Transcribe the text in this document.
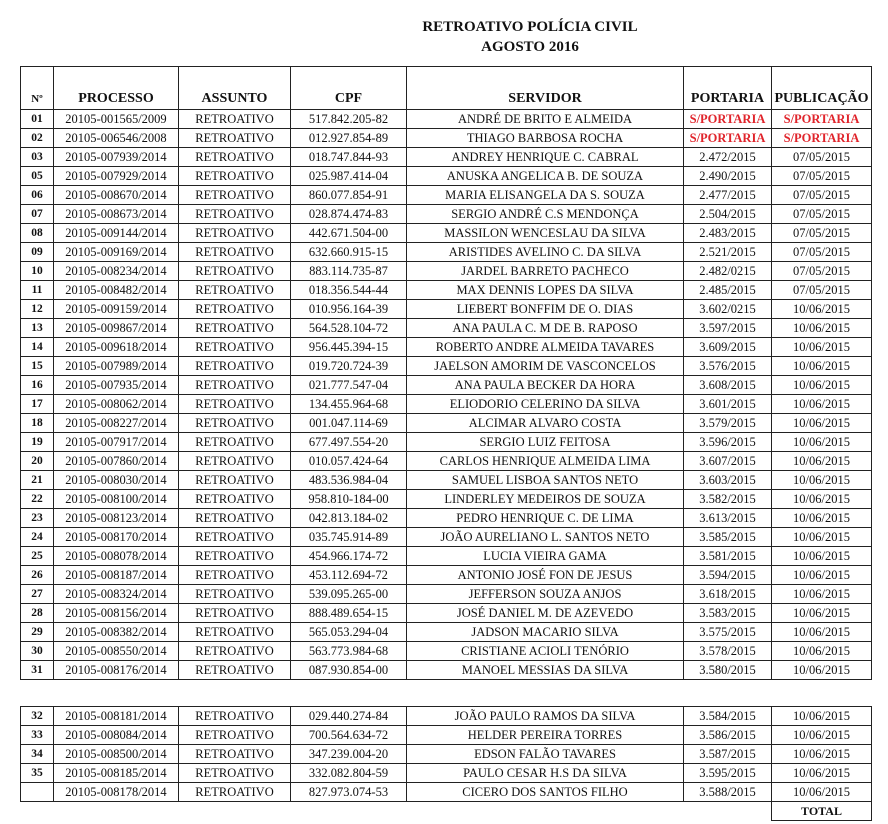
RETROATIVO POLÍCIA CIVIL
AGOSTO 2016
Nº	PROCESSO	ASSUNTO	CPF	SERVIDOR	PORTARIA	PUBLICAÇÃO
01	20105-001565/2009	RETROATIVO	517.842.205-82	ANDRÉ DE BRITO E ALMEIDA	S/PORTARIA	S/PORTARIA
02	20105-006546/2008	RETROATIVO	012.927.854-89	THIAGO BARBOSA ROCHA	S/PORTARIA	S/PORTARIA
03	20105-007939/2014	RETROATIVO	018.747.844-93	ANDREY HENRIQUE C. CABRAL	2.472/2015	07/05/2015
05	20105-007929/2014	RETROATIVO	025.987.414-04	ANUSKA ANGELICA B. DE SOUZA	2.490/2015	07/05/2015
06	20105-008670/2014	RETROATIVO	860.077.854-91	MARIA ELISANGELA DA S. SOUZA	2.477/2015	07/05/2015
07	20105-008673/2014	RETROATIVO	028.874.474-83	SERGIO ANDRÉ C.S MENDONÇA	2.504/2015	07/05/2015
08	20105-009144/2014	RETROATIVO	442.671.504-00	MASSILON WENCESLAU DA SILVA	2.483/2015	07/05/2015
09	20105-009169/2014	RETROATIVO	632.660.915-15	ARISTIDES AVELINO C. DA SILVA	2.521/2015	07/05/2015
10	20105-008234/2014	RETROATIVO	883.114.735-87	JARDEL BARRETO PACHECO	2.482/0215	07/05/2015
11	20105-008482/2014	RETROATIVO	018.356.544-44	MAX DENNIS LOPES DA SILVA	2.485/2015	07/05/2015
12	20105-009159/2014	RETROATIVO	010.956.164-39	LIEBERT BONFFIM DE O. DIAS	3.602/0215	10/06/2015
13	20105-009867/2014	RETROATIVO	564.528.104-72	ANA PAULA C. M DE B. RAPOSO	3.597/2015	10/06/2015
14	20105-009618/2014	RETROATIVO	956.445.394-15	ROBERTO ANDRE ALMEIDA TAVARES	3.609/2015	10/06/2015
15	20105-007989/2014	RETROATIVO	019.720.724-39	JAELSON AMORIM DE VASCONCELOS	3.576/2015	10/06/2015
16	20105-007935/2014	RETROATIVO	021.777.547-04	ANA PAULA BECKER DA HORA	3.608/2015	10/06/2015
17	20105-008062/2014	RETROATIVO	134.455.964-68	ELIODORIO CELERINO DA SILVA	3.601/2015	10/06/2015
18	20105-008227/2014	RETROATIVO	001.047.114-69	ALCIMAR ALVARO COSTA	3.579/2015	10/06/2015
19	20105-007917/2014	RETROATIVO	677.497.554-20	SERGIO LUIZ FEITOSA	3.596/2015	10/06/2015
20	20105-007860/2014	RETROATIVO	010.057.424-64	CARLOS HENRIQUE ALMEIDA LIMA	3.607/2015	10/06/2015
21	20105-008030/2014	RETROATIVO	483.536.984-04	SAMUEL LISBOA SANTOS NETO	3.603/2015	10/06/2015
22	20105-008100/2014	RETROATIVO	958.810-184-00	LINDERLEY MEDEIROS DE SOUZA	3.582/2015	10/06/2015
23	20105-008123/2014	RETROATIVO	042.813.184-02	PEDRO HENRIQUE C. DE LIMA	3.613/2015	10/06/2015
24	20105-008170/2014	RETROATIVO	035.745.914-89	JOÃO AURELIANO L. SANTOS NETO	3.585/2015	10/06/2015
25	20105-008078/2014	RETROATIVO	454.966.174-72	LUCIA VIEIRA GAMA	3.581/2015	10/06/2015
26	20105-008187/2014	RETROATIVO	453.112.694-72	ANTONIO JOSÉ FON DE JESUS	3.594/2015	10/06/2015
27	20105-008324/2014	RETROATIVO	539.095.265-00	JEFFERSON SOUZA ANJOS	3.618/2015	10/06/2015
28	20105-008156/2014	RETROATIVO	888.489.654-15	JOSÉ DANIEL M. DE AZEVEDO	3.583/2015	10/06/2015
29	20105-008382/2014	RETROATIVO	565.053.294-04	JADSON MACARIO SILVA	3.575/2015	10/06/2015
30	20105-008550/2014	RETROATIVO	563.773.984-68	CRISTIANE ACIOLI TENÓRIO	3.578/2015	10/06/2015
31	20105-008176/2014	RETROATIVO	087.930.854-00	MANOEL MESSIAS DA SILVA	3.580/2015	10/06/2015
32	20105-008181/2014	RETROATIVO	029.440.274-84	JOÃO PAULO RAMOS DA SILVA	3.584/2015	10/06/2015
33	20105-008084/2014	RETROATIVO	700.564.634-72	HELDER PEREIRA TORRES	3.586/2015	10/06/2015
34	20105-008500/2014	RETROATIVO	347.239.004-20	EDSON FALÃO TAVARES	3.587/2015	10/06/2015
35	20105-008185/2014	RETROATIVO	332.082.804-59	PAULO CESAR H.S DA SILVA	3.595/2015	10/06/2015
	20105-008178/2014	RETROATIVO	827.973.074-53	CICERO DOS SANTOS FILHO	3.588/2015	10/06/2015
						TOTAL
